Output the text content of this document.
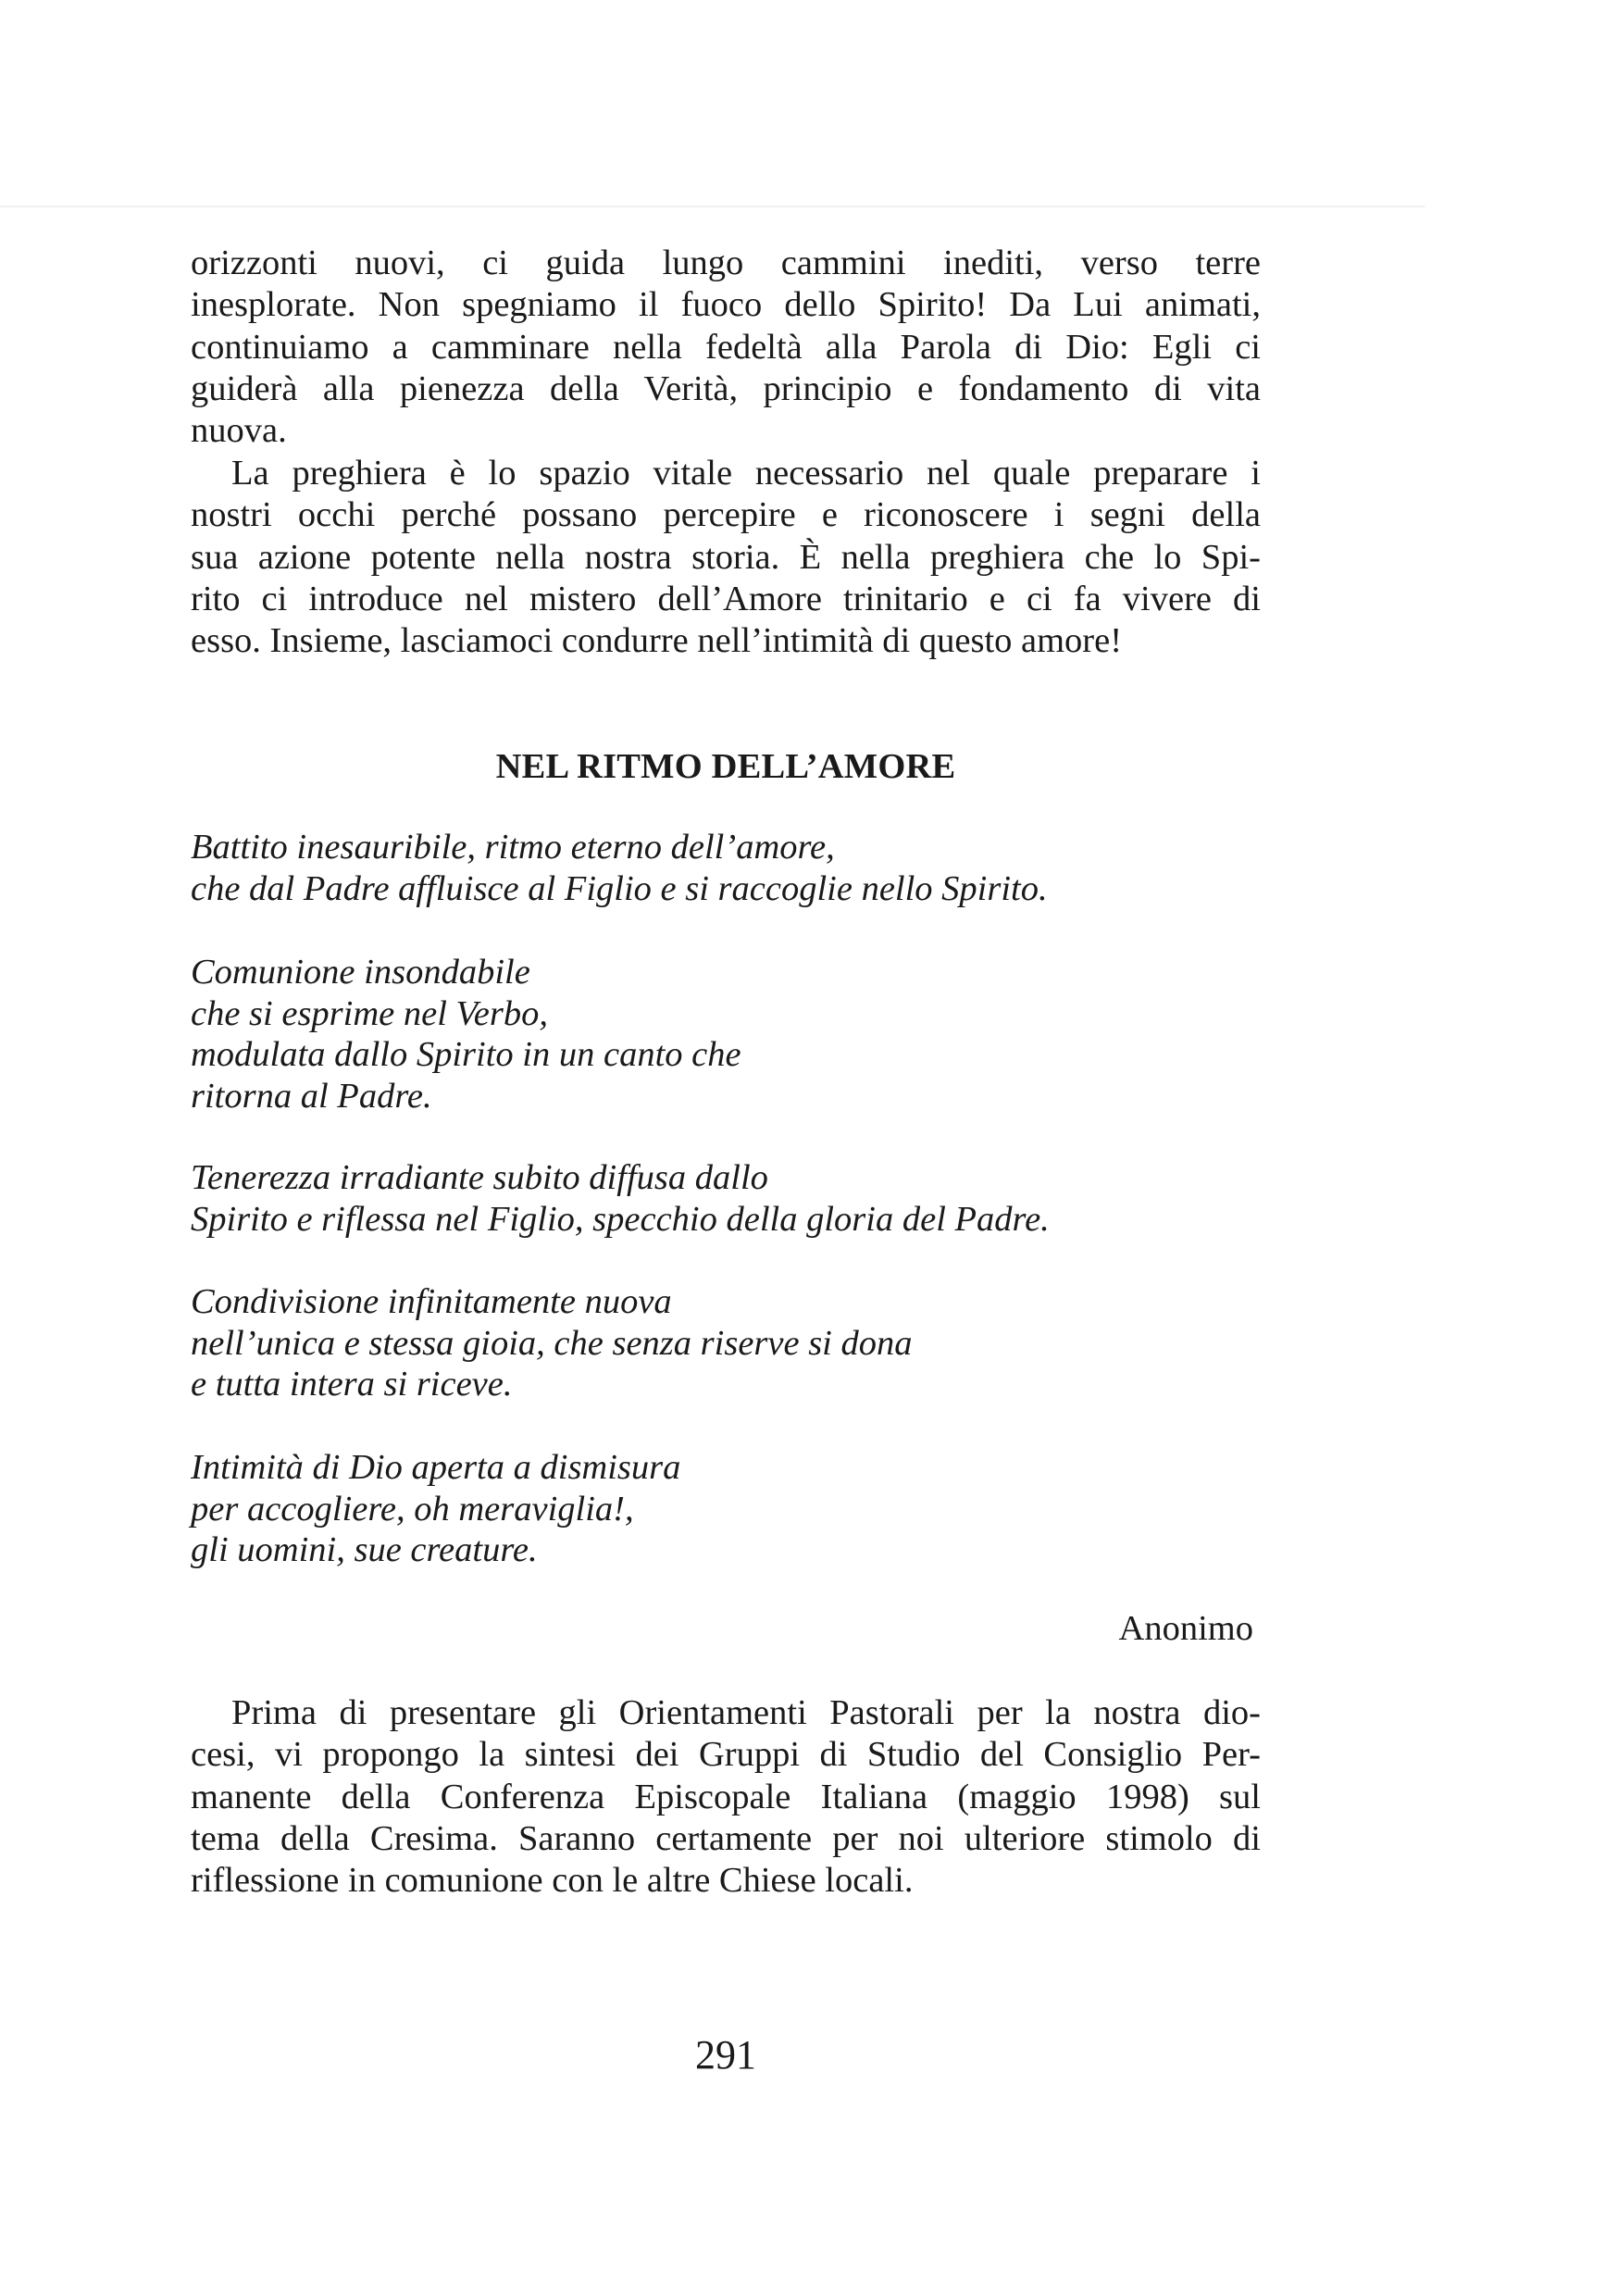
orizzonti nuovi, ci guida lungo cammini inediti, verso terre
inesplorate. Non spegniamo il fuoco dello Spirito! Da Lui animati,
continuiamo a camminare nella fedeltà alla Parola di Dio: Egli ci
guiderà alla pienezza della Verità, principio e fondamento di vita
nuova.
La preghiera è lo spazio vitale necessario nel quale preparare i
nostri occhi perché possano percepire e riconoscere i segni della
sua azione potente nella nostra storia. È nella preghiera che lo Spi-
rito ci introduce nel mistero dell’Amore trinitario e ci fa vivere di
esso. Insieme, lasciamoci condurre nell’intimità di questo amore!
NEL RITMO DELL’AMORE
Battito inesauribile, ritmo eterno dell’amore,
che dal Padre affluisce al Figlio e si raccoglie nello Spirito.
Comunione insondabile
che si esprime nel Verbo,
modulata dallo Spirito in un canto che
ritorna al Padre.
Tenerezza irradiante subito diffusa dallo
Spirito e riflessa nel Figlio, specchio della gloria del Padre.
Condivisione infinitamente nuova
nell’unica e stessa gioia, che senza riserve si dona
e tutta intera si riceve.
Intimità di Dio aperta a dismisura
per accogliere, oh meraviglia!,
gli uomini, sue creature.

Anonimo

Prima di presentare gli Orientamenti Pastorali per la nostra dio-
cesi, vi propongo la sintesi dei Gruppi di Studio del Consiglio Per-
manente della Conferenza Episcopale Italiana (maggio 1998) sul
tema della Cresima. Saranno certamente per noi ulteriore stimolo di
riflessione in comunione con le altre Chiese locali.

291
